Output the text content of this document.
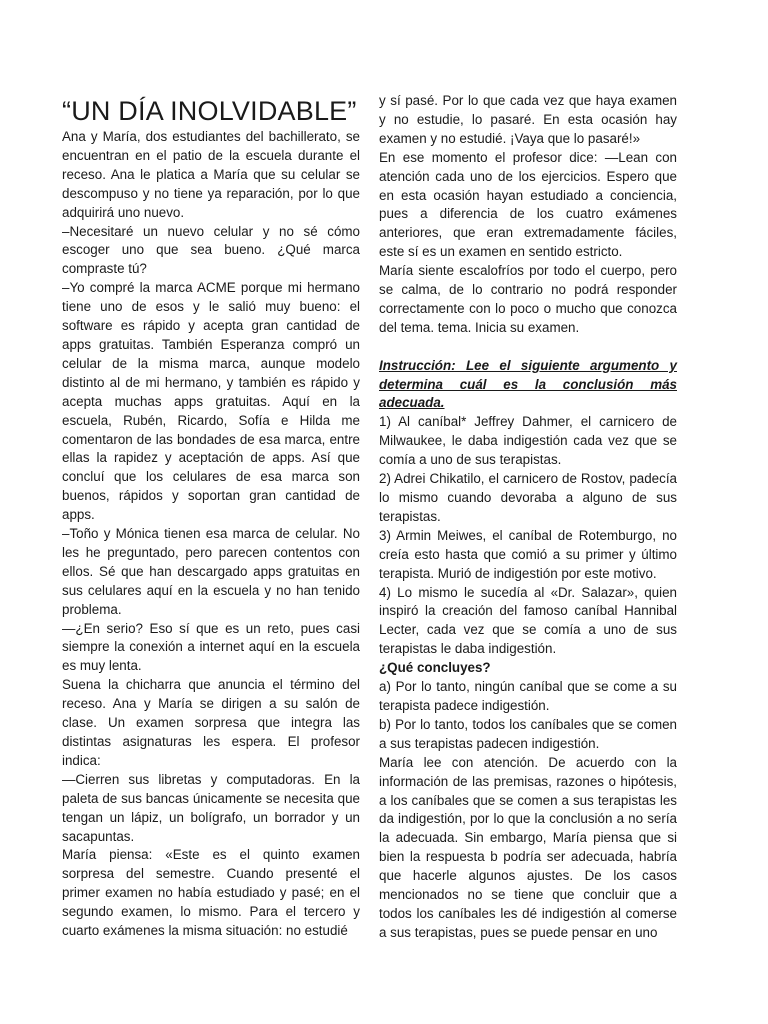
“UN DÍA INOLVIDABLE”

Ana y María, dos estudiantes del bachillerato, se encuentran en el patio de la escuela durante el receso. Ana le platica a María que su celular se descompuso y no tiene ya reparación, por lo que adquirirá uno nuevo.

–Necesitaré un nuevo celular y no sé cómo escoger uno que sea bueno. ¿Qué marca compraste tú?

–Yo compré la marca ACME porque mi hermano tiene uno de esos y le salió muy bueno: el software es rápido y acepta gran cantidad de apps gratuitas. También Esperanza compró un celular de la misma marca, aunque modelo distinto al de mi hermano, y también es rápido y acepta muchas apps gratuitas. Aquí en la escuela, Rubén, Ricardo, Sofía e Hilda me comentaron de las bondades de esa marca, entre ellas la rapidez y aceptación de apps. Así que concluí que los celulares de esa marca son buenos, rápidos y soportan gran cantidad de apps.

–Toño y Mónica tienen esa marca de celular. No les he preguntado, pero parecen contentos con ellos. Sé que han descargado apps gratuitas en sus celulares aquí en la escuela y no han tenido problema.

—¿En serio? Eso sí que es un reto, pues casi siempre la conexión a internet aquí en la escuela es muy lenta.

Suena la chicharra que anuncia el término del receso. Ana y María se dirigen a su salón de clase. Un examen sorpresa que integra las distintas asignaturas les espera. El profesor indica:

—Cierren sus libretas y computadoras. En la paleta de sus bancas únicamente se necesita que tengan un lápiz, un bolígrafo, un borrador y un sacapuntas.

María piensa: «Este es el quinto examen sorpresa del semestre. Cuando presenté el primer examen no había estudiado y pasé; en el segundo examen, lo mismo. Para el tercero y cuarto exámenes la misma situación: no estudié

y sí pasé. Por lo que cada vez que haya examen y no estudie, lo pasaré. En esta ocasión hay examen y no estudié. ¡Vaya que lo pasaré!»

En ese momento el profesor dice: —Lean con atención cada uno de los ejercicios. Espero que en esta ocasión hayan estudiado a conciencia, pues a diferencia de los cuatro exámenes anteriores, que eran extremadamente fáciles, este sí es un examen en sentido estricto.

María siente escalofríos por todo el cuerpo, pero se calma, de lo contrario no podrá responder correctamente con lo poco o mucho que conozca del tema. tema. Inicia su examen.

Instrucción: Lee el siguiente argumento y determina cuál es la conclusión más adecuada.

1) Al caníbal* Jeffrey Dahmer, el carnicero de Milwaukee, le daba indigestión cada vez que se comía a uno de sus terapistas.

2) Adrei Chikatilo, el carnicero de Rostov, padecía lo mismo cuando devoraba a alguno de sus terapistas.

3) Armin Meiwes, el caníbal de Rotemburgo, no creía esto hasta que comió a su primer y último terapista. Murió de indigestión por este motivo.

4) Lo mismo le sucedía al «Dr. Salazar», quien inspiró la creación del famoso caníbal Hannibal Lecter, cada vez que se comía a uno de sus terapistas le daba indigestión.

¿Qué concluyes?

a) Por lo tanto, ningún caníbal que se come a su terapista padece indigestión.

b) Por lo tanto, todos los caníbales que se comen a sus terapistas padecen indigestión.

María lee con atención. De acuerdo con la información de las premisas, razones o hipótesis, a los caníbales que se comen a sus terapistas les da indigestión, por lo que la conclusión a no sería la adecuada. Sin embargo, María piensa que si bien la respuesta b podría ser adecuada, habría que hacerle algunos ajustes. De los casos mencionados no se tiene que concluir que a todos los caníbales les dé indigestión al comerse a sus terapistas, pues se puede pensar en uno
